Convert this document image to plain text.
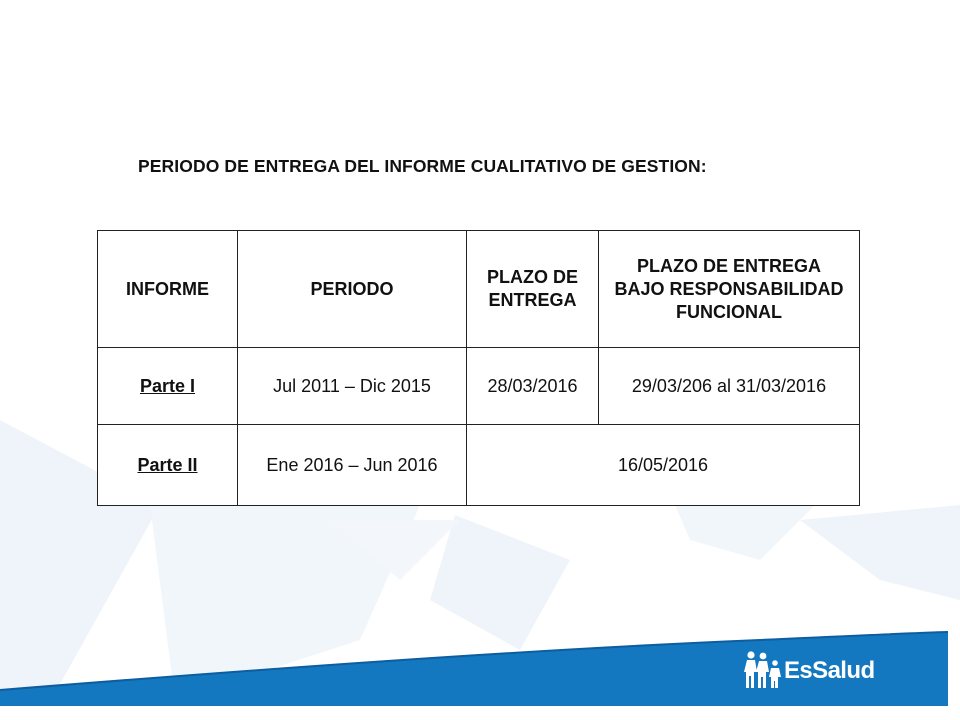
PERIODO DE ENTREGA DEL INFORME CUALITATIVO DE GESTION:
INFORME	PERIODO	PLAZO DE ENTREGA	PLAZO DE ENTREGA BAJO RESPONSABILIDAD FUNCIONAL
Parte I	Jul 2011 – Dic 2015	28/03/2016	29/03/206 al 31/03/2016
Parte II	Ene 2016 – Jun 2016	16/05/2016	
EsSalud
